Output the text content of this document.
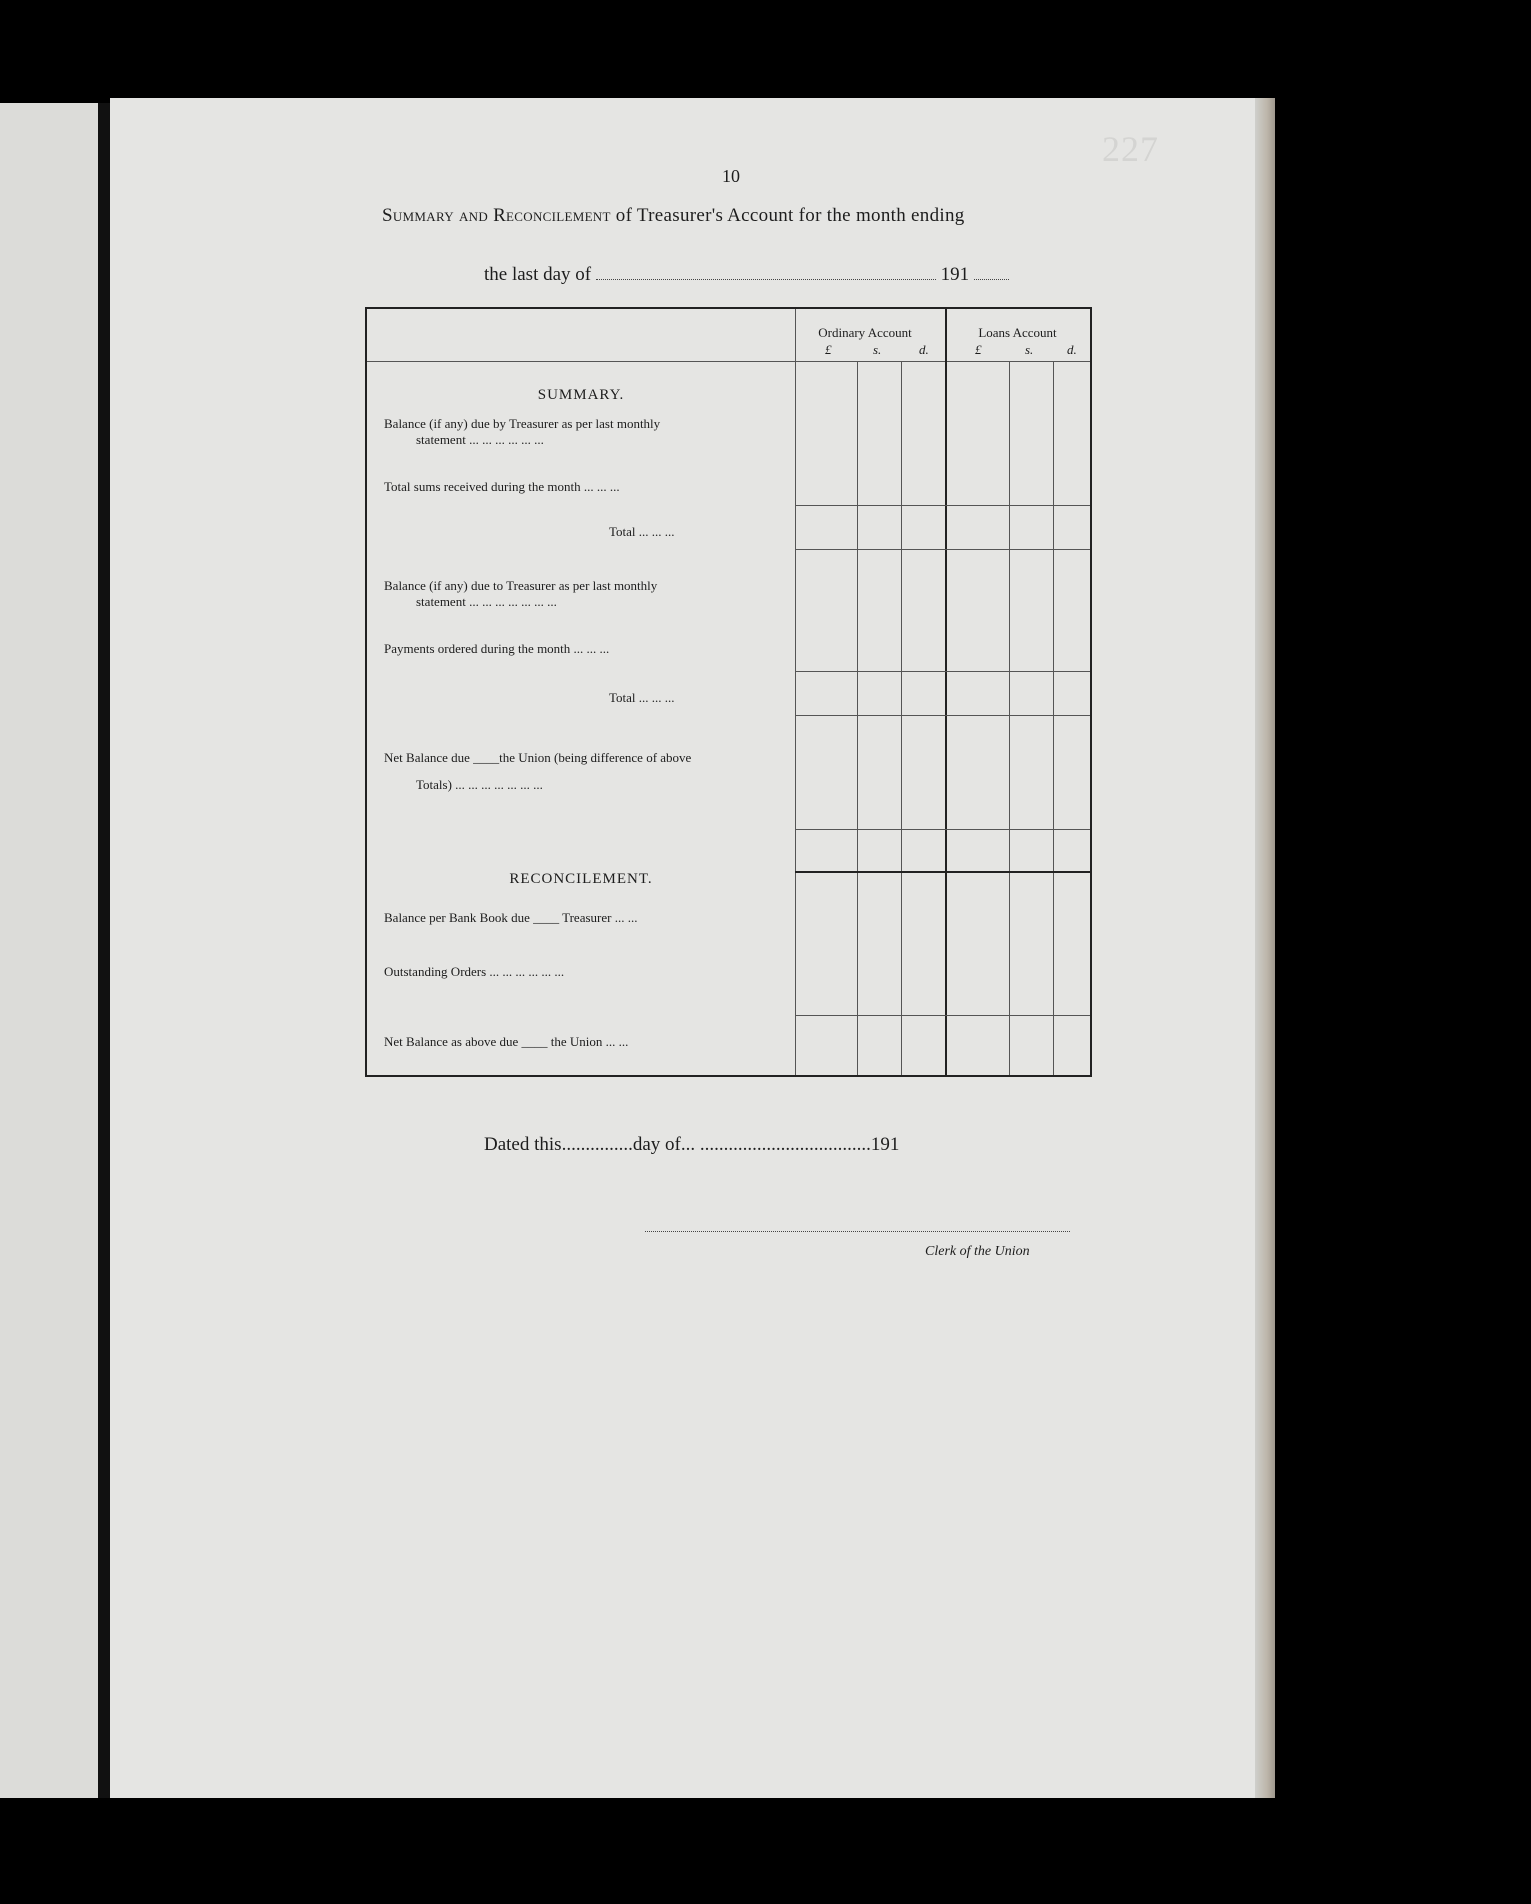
227
10
Summary and Reconcilement of Treasurer's Account for the month ending
the last day of	191
Ordinary Account	Loans Account
£	s.	d.	£	s.	d.
SUMMARY.
Balance (if any) due by Treasurer as per last monthly
statement ... ... ... ... ... ...
Total sums received during the month ... ... ...
Total ... ... ...
Balance (if any) due to Treasurer as per last monthly
statement ... ... ... ... ... ... ...
Payments ordered during the month ... ... ...
Total ... ... ...
Net Balance due ____the Union (being difference of above
Totals) ... ... ... ... ... ... ...
RECONCILEMENT.
Balance per Bank Book due ____ Treasurer ... ...
Outstanding Orders ... ... ... ... ... ...
Net Balance as above due ____ the Union ... ...
Dated this...............day of... ....................................191
Clerk of the Union
